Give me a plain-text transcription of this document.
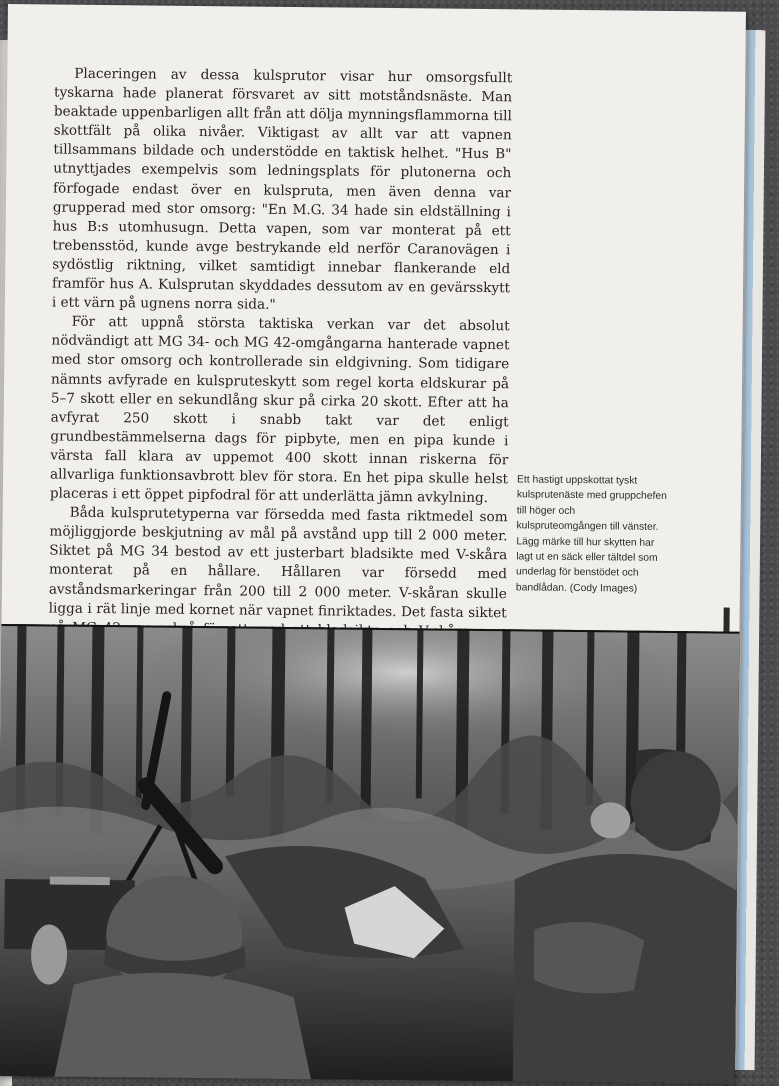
Placeringen av dessa kulsprutor visar hur omsorgsfullt tyskarna hade planerat försvaret av sitt motståndsnäste. Man beaktade uppenbarligen allt från att dölja mynningsflammorna till skottfält på olika nivåer. Viktigast av allt var att vapnen tillsammans bildade och understödde en taktisk helhet. "Hus B" utnyttjades exempelvis som ledningsplats för plutonerna och förfogade endast över en kulspruta, men även denna var grupperad med stor omsorg: "En M.G. 34 hade sin eldställning i hus B:s utomhusugn. Detta vapen, som var monterat på ett trebensstöd, kunde avge bestrykande eld nerför Caranovägen i sydöstlig riktning, vilket samtidigt innebar flankerande eld framför hus A. Kulsprutan skyddades dessutom av en gevärsskytt i ett värn på ugnens norra sida."

För att uppnå största taktiska verkan var det absolut nödvändigt att MG 34- och MG 42-omgångarna hanterade vapnet med stor omsorg och kontrollerade sin eldgivning. Som tidigare nämnts avfyrade en kulspruteskytt som regel korta eldskurar på 5–7 skott eller en sekundlång skur på cirka 20 skott. Efter att ha avfyrat 250 skott i snabb takt var det enligt grundbestämmelserna dags för pipbyte, men en pipa kunde i värsta fall klara av uppemot 400 skott innan riskerna för allvarliga funktionsavbrott blev för stora. En het pipa skulle helst placeras i ett öppet pipfodral för att underlätta jämn avkylning.

Båda kulsprutetyperna var försedda med fasta riktmedel som möjliggjorde beskjutning av mål på avstånd upp till 2 000 meter. Siktet på MG 34 bestod av ett justerbart bladsikte med V-skåra monterat på en hållare. Hållaren var försedd med avståndsmarkeringar från 200 till 2 000 meter. V-skåran skulle ligga i rät linje med kornet när vapnet finriktades. Det fasta siktet

Ett hastigt uppskottat tyskt kulsprutenäste med gruppchefen till höger och kulspruteomgången till vänster. Lägg märke till hur skytten har lagt ut en säck eller tältdel som underlag för benstödet och bandlådan. (Cody Images)
